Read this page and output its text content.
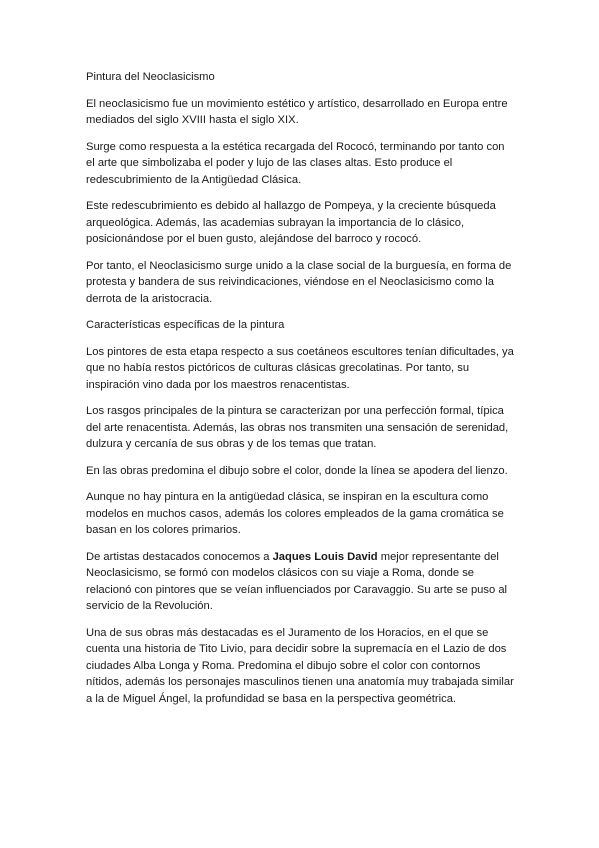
Pintura del Neoclasicismo

El neoclasicismo fue un movimiento estético y artístico, desarrollado en Europa entre mediados del siglo XVIII hasta el siglo XIX.

Surge como respuesta a la estética recargada del Rococó, terminando por tanto con el arte que simbolizaba el poder y lujo de las clases altas. Esto produce el redescubrimiento de la Antigüedad Clásica.

Este redescubrimiento es debido al hallazgo de Pompeya, y la creciente búsqueda arqueológica. Además, las academias subrayan la importancia de lo clásico, posicionándose por el buen gusto, alejándose del barroco y rococó.

Por tanto, el Neoclasicismo surge unido a la clase social de la burguesía, en forma de protesta y bandera de sus reivindicaciones, viéndose en el Neoclasicismo como la derrota de la aristocracia.

Características específicas de la pintura

Los pintores de esta etapa respecto a sus coetáneos escultores tenían dificultades, ya que no había restos pictóricos de culturas clásicas grecolatinas. Por tanto, su inspiración vino dada por los maestros renacentistas.

Los rasgos principales de la pintura se caracterizan por una perfección formal, típica del arte renacentista. Además, las obras nos transmiten una sensación de serenidad, dulzura y cercanía de sus obras y de los temas que tratan.

En las obras predomina el dibujo sobre el color, donde la línea se apodera del lienzo.

Aunque no hay pintura en la antigüedad clásica, se inspiran en la escultura como modelos en muchos casos, además los colores empleados de la gama cromática se basan en los colores primarios.

De artistas destacados conocemos a Jaques Louis David mejor representante del Neoclasicismo, se formó con modelos clásicos con su viaje a Roma, donde se relacionó con pintores que se veían influenciados por Caravaggio. Su arte se puso al servicio de la Revolución.

Una de sus obras más destacadas es el Juramento de los Horacios, en el que se cuenta una historia de Tito Livio, para decidir sobre la supremacía en el Lazio de dos ciudades Alba Longa y Roma. Predomina el dibujo sobre el color con contornos nítidos, además los personajes masculinos tienen una anatomía muy trabajada similar a la de Miguel Ángel, la profundidad se basa en la perspectiva geométrica.
